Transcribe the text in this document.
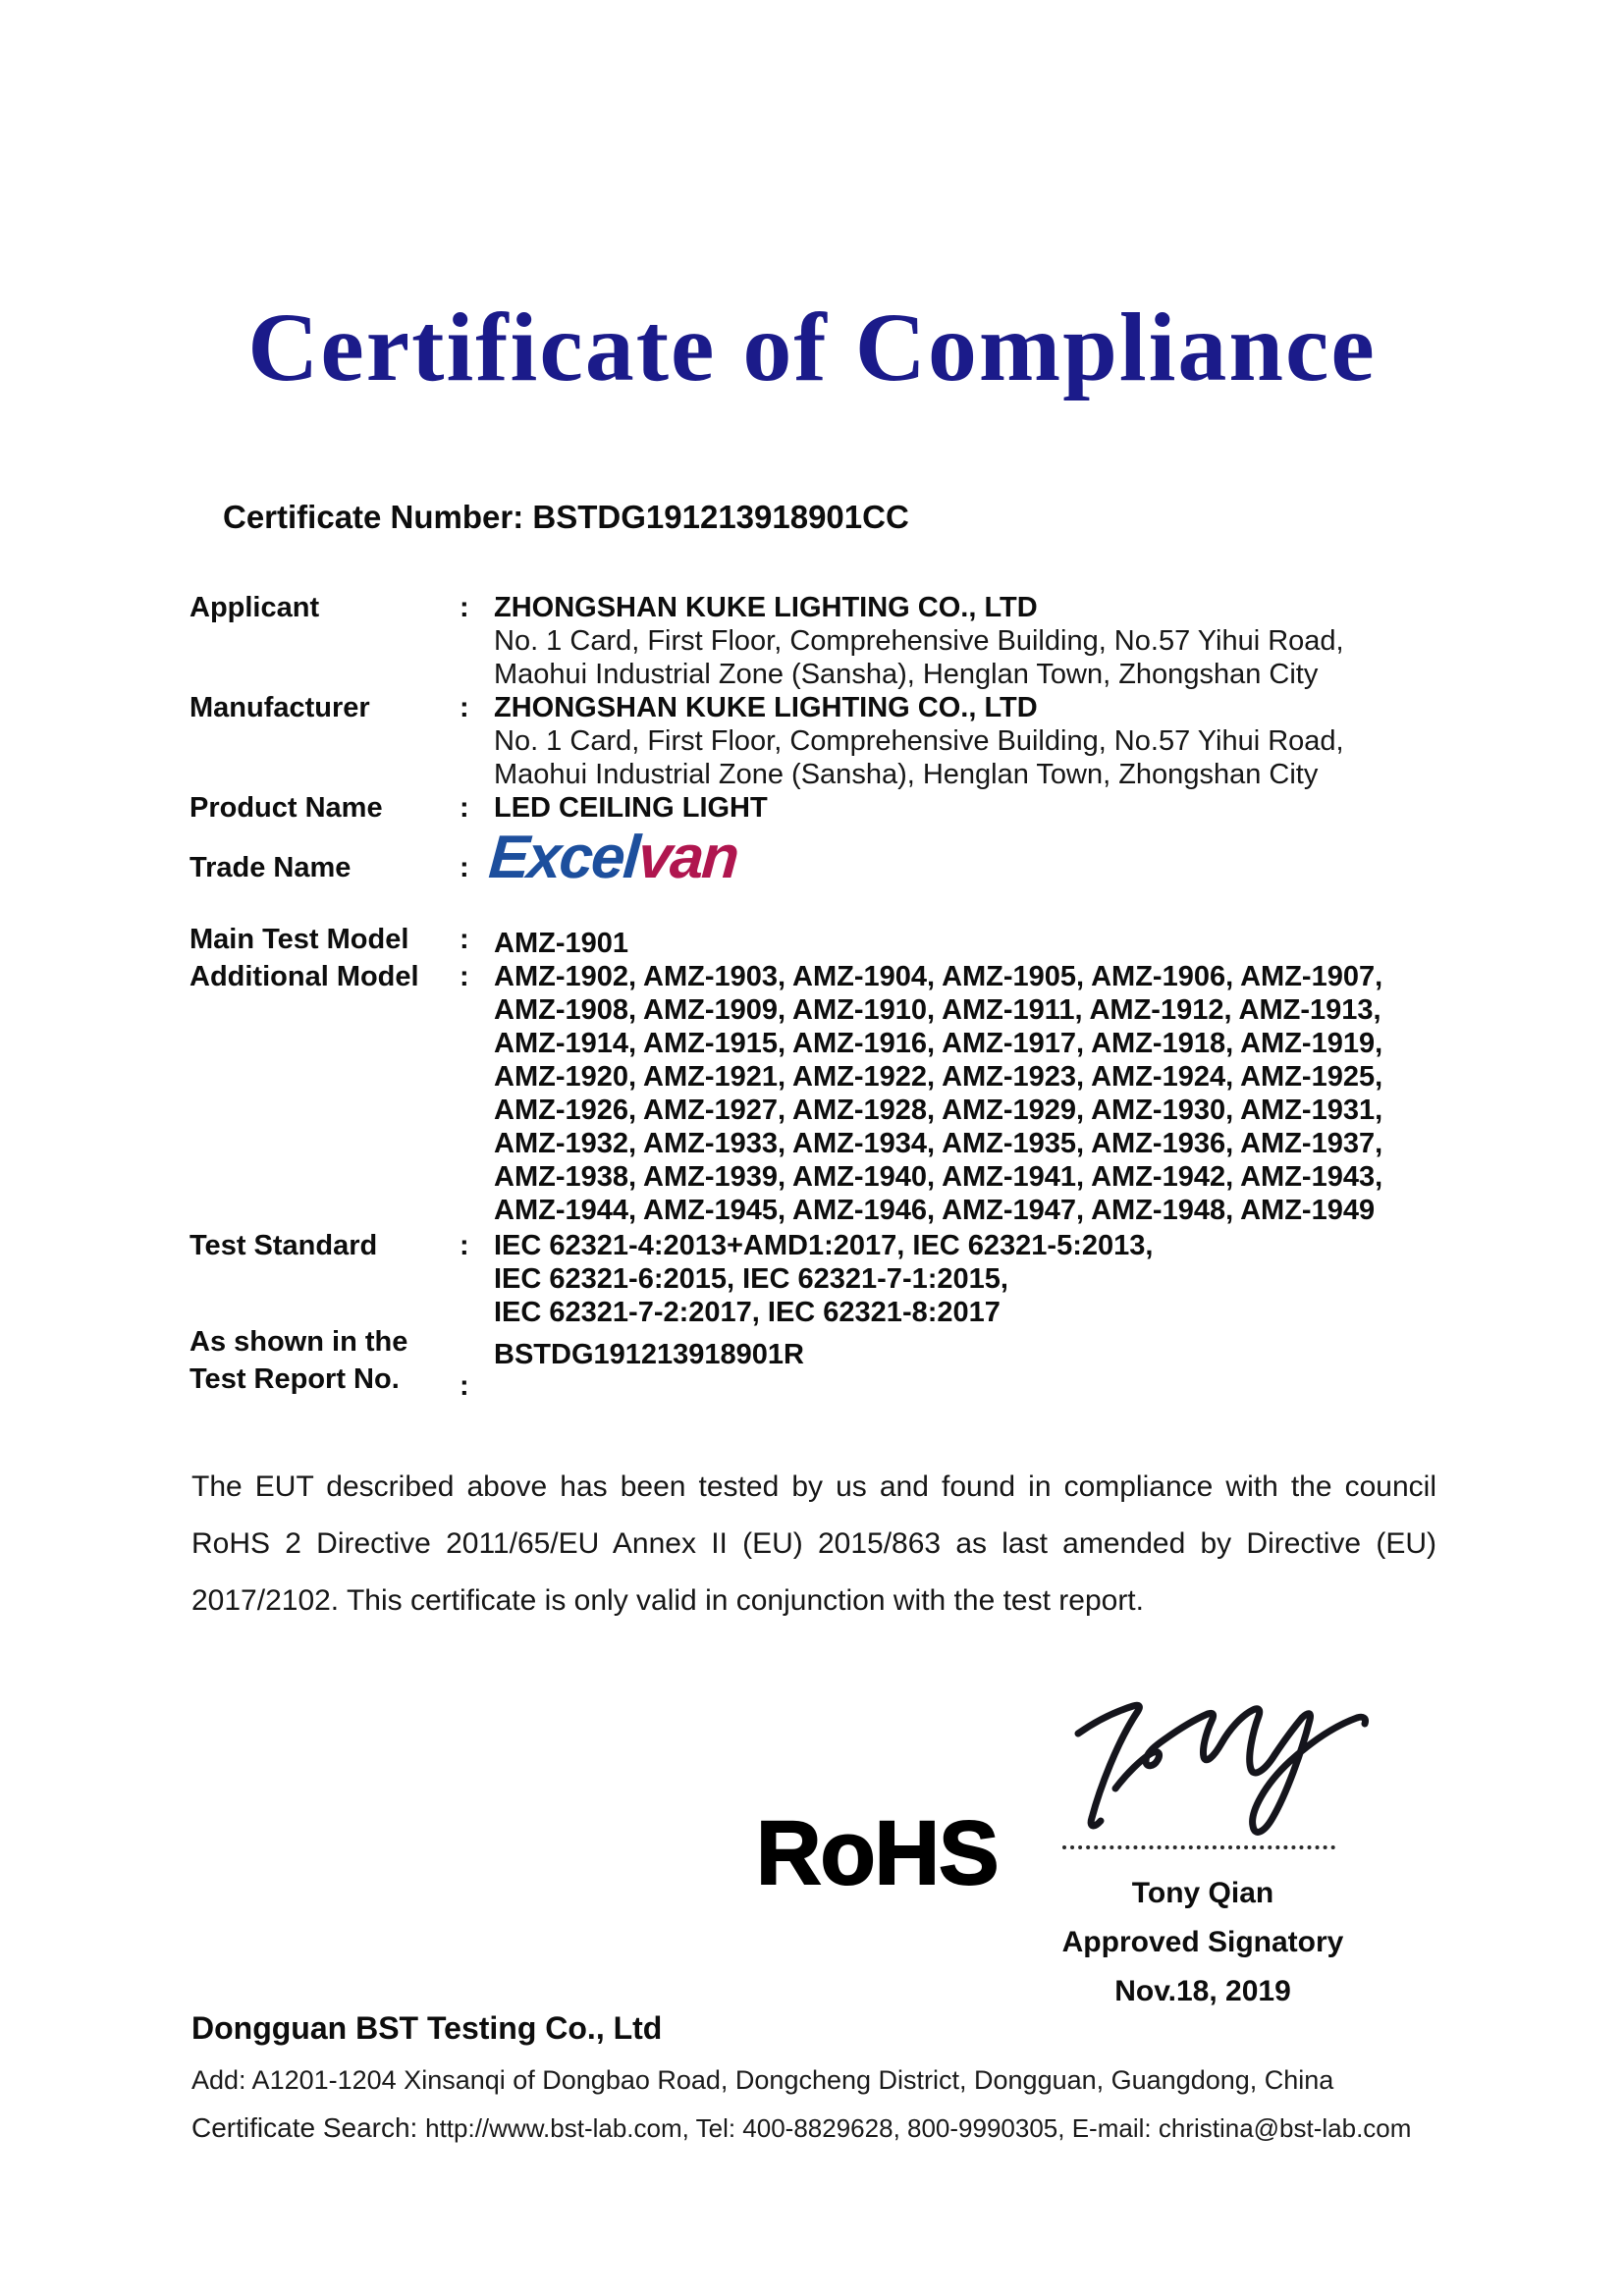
Certificate of Compliance
Certificate Number: BSTDG191213918901CC
Applicant	: ZHONGSHAN KUKE LIGHTING CO., LTD
No. 1 Card, First Floor, Comprehensive Building, No.57 Yihui Road,
Maohui Industrial Zone (Sansha), Henglan Town, Zhongshan City
Manufacturer	: ZHONGSHAN KUKE LIGHTING CO., LTD
No. 1 Card, First Floor, Comprehensive Building, No.57 Yihui Road,
Maohui Industrial Zone (Sansha), Henglan Town, Zhongshan City
Product Name	: LED CEILING LIGHT
Trade Name	: Excelvan
Main Test Model : AMZ-1901
Additional Model : AMZ-1902, AMZ-1903, AMZ-1904, AMZ-1905, AMZ-1906, AMZ-1907,
AMZ-1908, AMZ-1909, AMZ-1910, AMZ-1911, AMZ-1912, AMZ-1913,
AMZ-1914, AMZ-1915, AMZ-1916, AMZ-1917, AMZ-1918, AMZ-1919,
AMZ-1920, AMZ-1921, AMZ-1922, AMZ-1923, AMZ-1924, AMZ-1925,
AMZ-1926, AMZ-1927, AMZ-1928, AMZ-1929, AMZ-1930, AMZ-1931,
AMZ-1932, AMZ-1933, AMZ-1934, AMZ-1935, AMZ-1936, AMZ-1937,
AMZ-1938, AMZ-1939, AMZ-1940, AMZ-1941, AMZ-1942, AMZ-1943,
AMZ-1944, AMZ-1945, AMZ-1946, AMZ-1947, AMZ-1948, AMZ-1949
Test Standard	: IEC 62321-4:2013+AMD1:2017, IEC 62321-5:2013,
IEC 62321-6:2015, IEC 62321-7-1:2015,
IEC 62321-7-2:2017, IEC 62321-8:2017
As shown in the
Test Report No. :
BSTDG191213918901R
The EUT described above has been tested by us and found in compliance with the council RoHS 2 Directive 2011/65/EU Annex II (EU) 2015/863 as last amended by Directive (EU) 2017/2102. This certificate is only valid in conjunction with the test report.
RoHS	Tony Qian
Approved Signatory
Nov.18, 2019
Dongguan BST Testing Co., Ltd
Add: A1201-1204 Xinsanqi of Dongbao Road, Dongcheng District, Dongguan, Guangdong, China
Certificate Search: http://www.bst-lab.com, Tel: 400-8829628, 800-9990305, E-mail: christina@bst-lab.com
